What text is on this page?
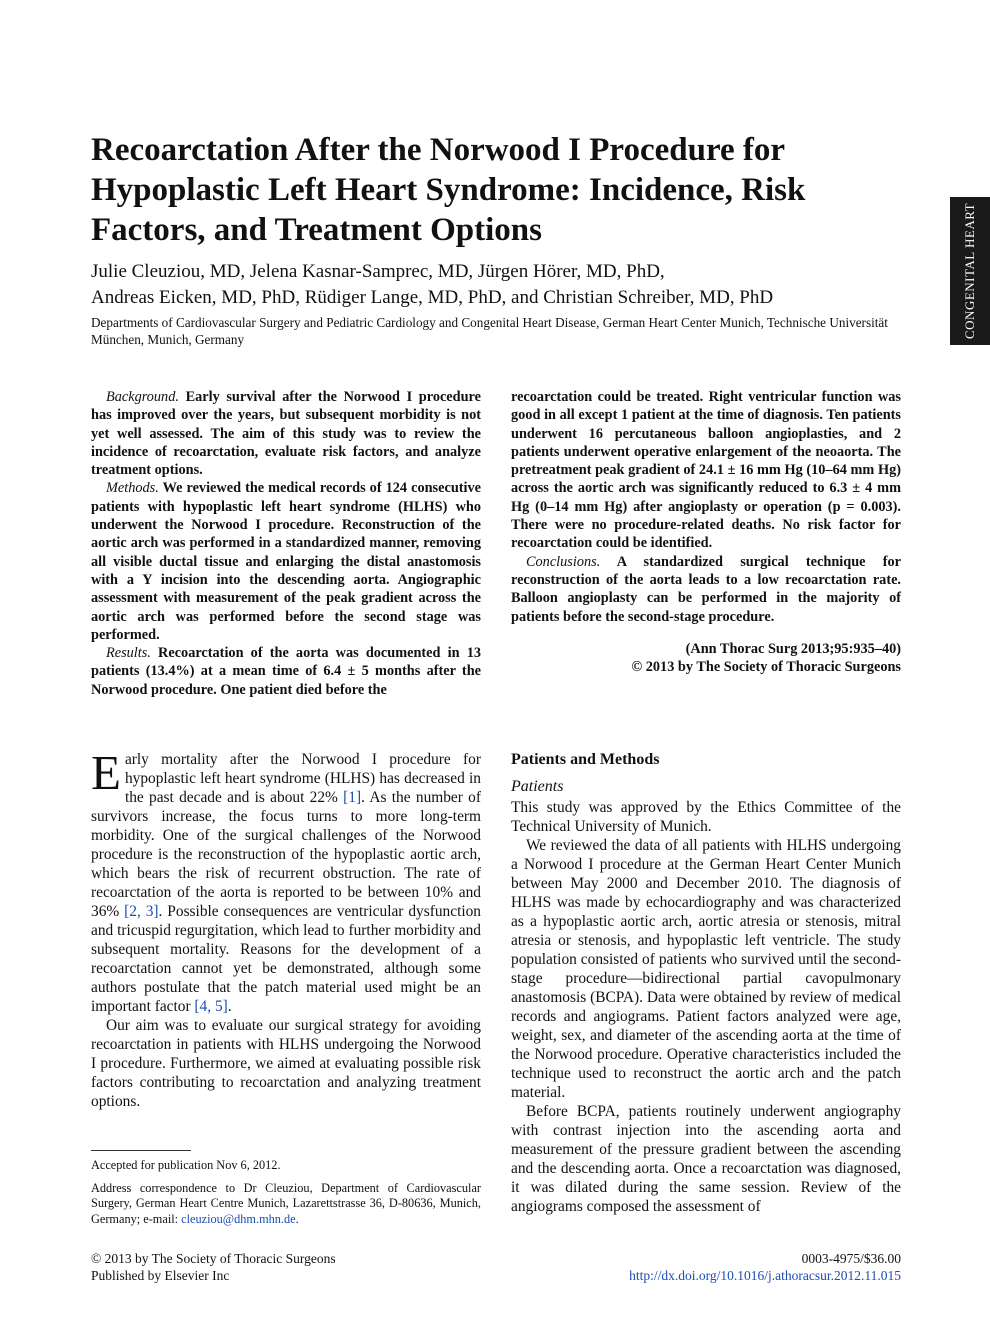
CONGENITAL HEART
Recoarctation After the Norwood I Procedure for Hypoplastic Left Heart Syndrome: Incidence, Risk Factors, and Treatment Options
Julie Cleuziou, MD, Jelena Kasnar-Samprec, MD, Jürgen Hörer, MD, PhD,
Andreas Eicken, MD, PhD, Rüdiger Lange, MD, PhD, and Christian Schreiber, MD, PhD
Departments of Cardiovascular Surgery and Pediatric Cardiology and Congenital Heart Disease, German Heart Center Munich, Technische Universität München, Munich, Germany

Background. Early survival after the Norwood I procedure has improved over the years, but subsequent morbidity is not yet well assessed. The aim of this study was to review the incidence of recoarctation, evaluate risk factors, and analyze treatment options.

Methods. We reviewed the medical records of 124 consecutive patients with hypoplastic left heart syndrome (HLHS) who underwent the Norwood I procedure. Reconstruction of the aortic arch was performed in a standardized manner, removing all visible ductal tissue and enlarging the distal anastomosis with a Y incision into the descending aorta. Angiographic assessment with measurement of the peak gradient across the aortic arch was performed before the second stage was performed.

Results. Recoarctation of the aorta was documented in 13 patients (13.4%) at a mean time of 6.4 ± 5 months after the Norwood procedure. One patient died before the

recoarctation could be treated. Right ventricular function was good in all except 1 patient at the time of diagnosis. Ten patients underwent 16 percutaneous balloon angioplasties, and 2 patients underwent operative enlargement of the neoaorta. The pretreatment peak gradient of 24.1 ± 16 mm Hg (10–64 mm Hg) across the aortic arch was significantly reduced to 6.3 ± 4 mm Hg (0–14 mm Hg) after angioplasty or operation (p = 0.003). There were no procedure-related deaths. No risk factor for recoarctation could be identified.

Conclusions. A standardized surgical technique for reconstruction of the aorta leads to a low recoarctation rate. Balloon angioplasty can be performed in the majority of patients before the second-stage procedure.

(Ann Thorac Surg 2013;95:935–40)
© 2013 by The Society of Thoracic Surgeons

Early mortality after the Norwood I procedure for hypoplastic left heart syndrome (HLHS) has decreased in the past decade and is about 22% [1]. As the number of survivors increase, the focus turns to more long-term morbidity. One of the surgical challenges of the Norwood procedure is the reconstruction of the hypoplastic aortic arch, which bears the risk of recurrent obstruction. The rate of recoarctation of the aorta is reported to be between 10% and 36% [2, 3]. Possible consequences are ventricular dysfunction and tricuspid regurgitation, which lead to further morbidity and subsequent mortality. Reasons for the development of a recoarctation cannot yet be demonstrated, although some authors postulate that the patch material used might be an important factor [4, 5].

Our aim was to evaluate our surgical strategy for avoiding recoarctation in patients with HLHS undergoing the Norwood I procedure. Furthermore, we aimed at evaluating possible risk factors contributing to recoarctation and analyzing treatment options.

Patients and Methods
Patients

This study was approved by the Ethics Committee of the Technical University of Munich.

We reviewed the data of all patients with HLHS undergoing a Norwood I procedure at the German Heart Center Munich between May 2000 and December 2010. The diagnosis of HLHS was made by echocardiography and was characterized as a hypoplastic aortic arch, aortic atresia or stenosis, mitral atresia or stenosis, and hypoplastic left ventricle. The study population consisted of patients who survived until the second-stage procedure—bidirectional partial cavopulmonary anastomosis (BCPA). Data were obtained by review of medical records and angiograms. Patient factors analyzed were age, weight, sex, and diameter of the ascending aorta at the time of the Norwood procedure. Operative characteristics included the technique used to reconstruct the aortic arch and the patch material.

Before BCPA, patients routinely underwent angiography with contrast injection into the ascending aorta and measurement of the pressure gradient between the ascending and the descending aorta. Once a recoarctation was diagnosed, it was dilated during the same session. Review of the angiograms composed the assessment of

Accepted for publication Nov 6, 2012.

Address correspondence to Dr Cleuziou, Department of Cardiovascular Surgery, German Heart Centre Munich, Lazarettstrasse 36, D-80636, Munich, Germany; e-mail: cleuziou@dhm.mhn.de.

© 2013 by The Society of Thoracic Surgeons
Published by Elsevier Inc
0003-4975/$36.00
http://dx.doi.org/10.1016/j.athoracsur.2012.11.015
